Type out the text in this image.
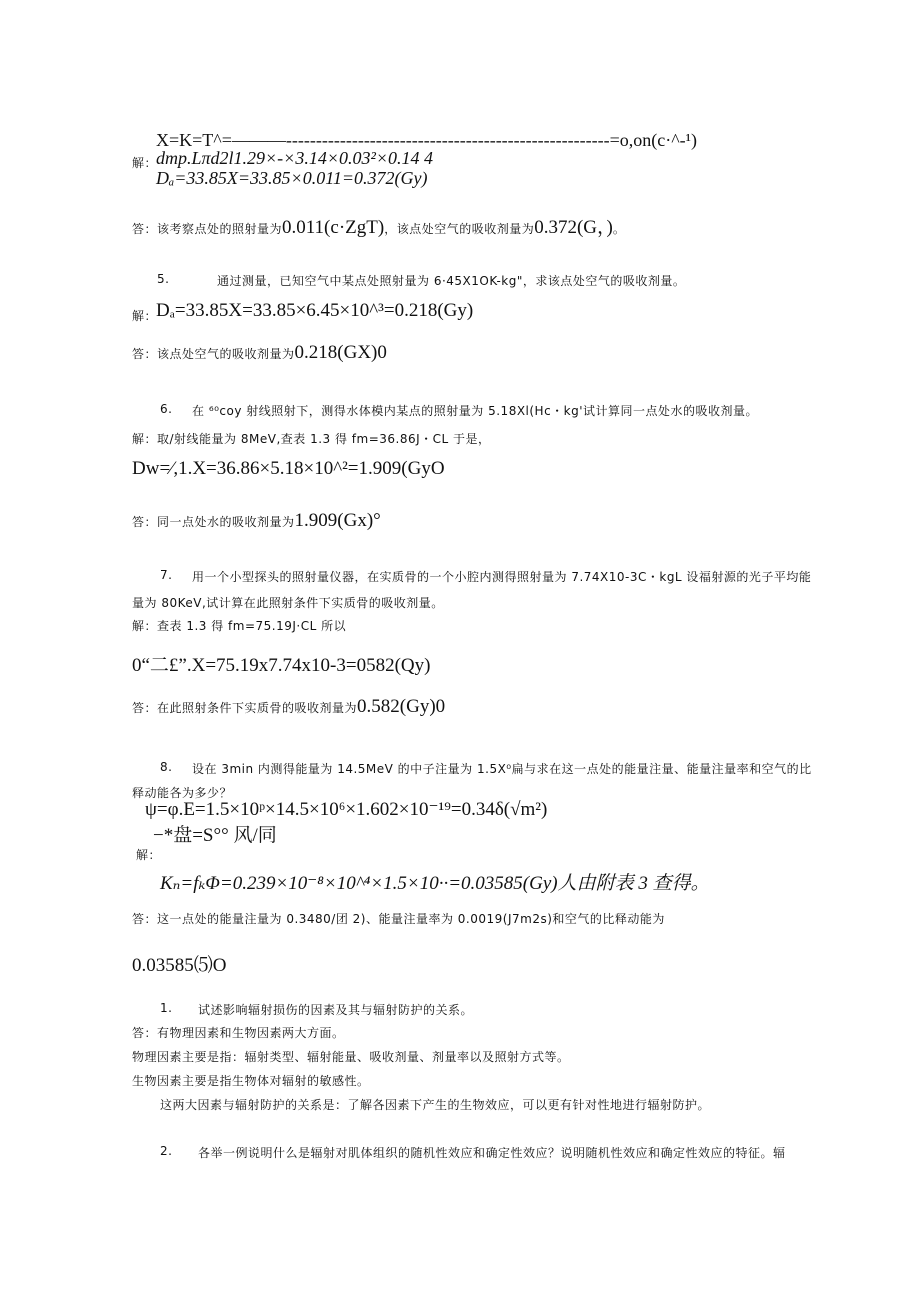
X=K=T^=———------------------------------------------------------=o,on(c·^-¹)
解：
dmp.Lπd2l1.29×-×3.14×0.03²×0.14 4
Dₐ=33.85X=33.85×0.011=0.372(Gy)
答：该考察点处的照射量为0.011(c·ZgT)，该点处空气的吸收剂量为0.372(G，)。
5.	通过测量，已知空气中某点处照射量为 6·45X1OK-kg"，求该点处空气的吸收剂量。
解：
Dₐ=33.85X=33.85×6.45×10^³=0.218(Gy)
答：该点处空气的吸收剂量为0.218(GX)0
6. 在 ⁶⁰coy 射线照射下，测得水体模内某点的照射量为 5.18Xl(Hc・kg'试计算同一点处水的吸收剂量。
解：取/射线能量为 8MeV,查表 1.3 得 fm=36.86J・CL 于是，
Dᴡ=⁄,1.X=36.86×5.18×10^²=1.909(GyO
答：同一点处水的吸收剂量为1.909(Gx)°
7. 用一个小型探头的照射量仪器，在实质骨的一个小腔内测得照射量为 7.74X10-3C・kgL 设福射源的光子平均能
量为 80KeV,试计算在此照射条件下实质骨的吸收剂量。
解：查表 1.3 得 fm=75.19J·CL 所以
0“二£”.X=75.19x7.74x10-3=0582(Qy)
答：在此照射条件下实质骨的吸收剂量为0.582(Gy)0
8. 设在 3min 内测得能量为 14.5MeV 的中子注量为 1.5X⁰扁与求在这一点处的能量注量、能量注量率和空气的比
释动能各为多少？
ψ=φ.E=1.5×10ᵖ×14.5×10⁶×1.602×10⁻¹⁹=0.34δ(√m²)
−*盘=S°° 风/同
解：
Kₙ=fₖΦ=0.239×10⁻⁸×10^⁴×1.5×10··=0.03585(Gy)人由附表 3 查得。
答：这一点处的能量注量为 0.3480/团 2)、能量注量率为 0.0019(J7m2s)和空气的比释动能为
0.03585⑸O
1. 试述影响辐射损伤的因素及其与辐射防护的关系。
答：有物理因素和生物因素两大方面。
物理因素主要是指：辐射类型、辐射能量、吸收剂量、剂量率以及照射方式等。
生物因素主要是指生物体对辐射的敏感性。
这两大因素与辐射防护的关系是：了解各因素下产生的生物效应，可以更有针对性地进行辐射防护。
2. 各举一例说明什么是辐射对肌体组织的随机性效应和确定性效应？说明随机性效应和确定性效应的特征。辐
